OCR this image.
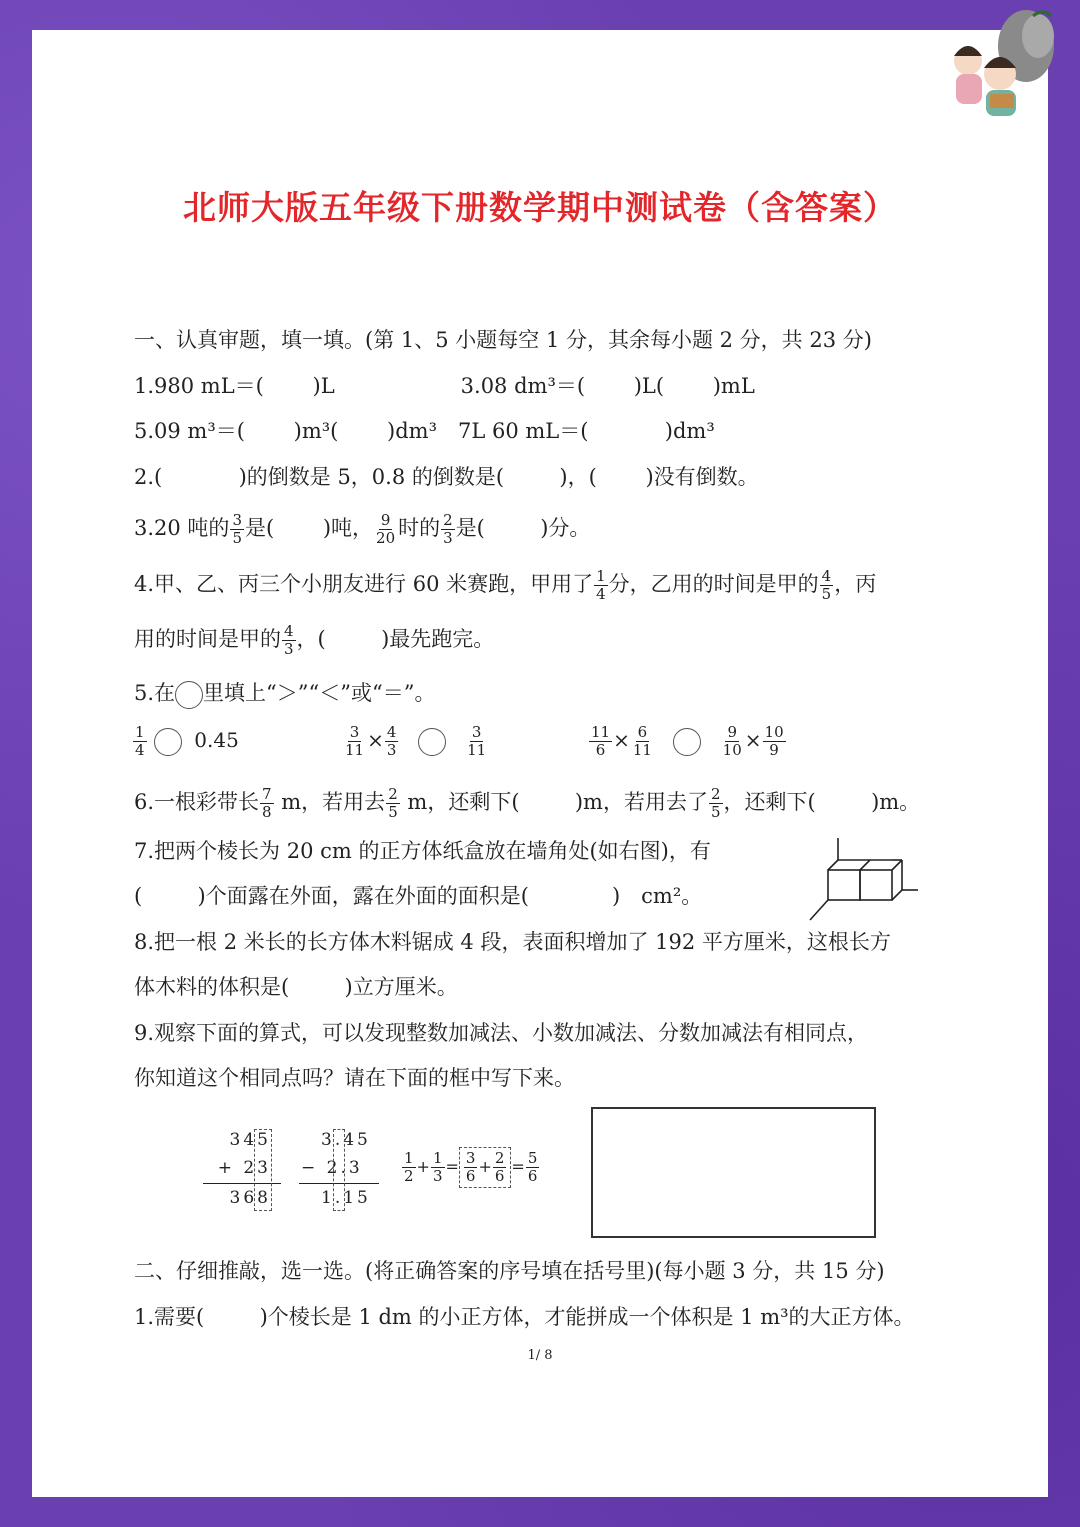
北师大版五年级下册数学期中测试卷（含答案）
一、认真审题，填一填。(第 1、5 小题每空 1 分，其余每小题 2 分，共 23 分)
1.980 mL＝(　 　)L　　　　　　3.08 dm³＝(　 　)L(　 　)mL
5.09 m³＝(　 　)m³(　 　)dm³　7L 60 mL＝(　 　 　)dm³
2.(　 　 　)的倒数是 5，0.8 的倒数是(　 　 )，(　 　)没有倒数。
3.20 吨的 $\frac{3}{5}$ 是(　 　)吨， $\frac{9}{20}$ 时的 $\frac{2}{3}$ 是(　 　 )分。
4.甲、乙、丙三个小朋友进行 60 米赛跑，甲用了 $\frac{1}{4}$ 分，乙用的时间是甲的 $\frac{4}{5}$ ，丙
用的时间是甲的 $\frac{4}{3}$ ，(　 　 )最先跑完。
5.在 里填上“＞”“＜”或“＝”。
$\frac{1}{4} 0.45$	$\frac{3}{11} \times \frac{4}{3}$
	$\frac{3}{11}$	$\frac{11}{6} \times \frac{6}{11}$
	$\frac{9}{10} \times \frac{10}{9}$
6.一根彩带长 $\frac{7}{8}$ m，若用去 $\frac{2}{5}$ m，还剩下(　 　 )m，若用去了 $\frac{2}{5}$ ，还剩下(　 　 )m。
7.把两个棱长为 20 cm 的正方体纸盒放在墙角处(如右图)，有
(　 　 )个面露在外面，露在外面的面积是(　 　 　 )　cm²。
8.把一根 2 米长的长方体木料锯成 4 段，表面积增加了 192 平方厘米，这根长方
体木料的体积是(　 　 )立方厘米。
9.观察下面的算式，可以发现整数加减法、小数加减法、分数加减法有相同点，
你知道这个相同点吗？请在下面的框中写下来。
345
+ 23
368
3.45
− 2.3
1.15
$\frac{1}{2} + \frac{1}{3} = \frac{3}{6} + \frac{2}{6} = \frac{5}{6}$
二、仔细推敲，选一选。(将正确答案的序号填在括号里)(每小题 3 分，共 15 分)
1.需要(　 　 )个棱长是 1 dm 的小正方体，才能拼成一个体积是 1 m³的大正方体。
1/ 8
